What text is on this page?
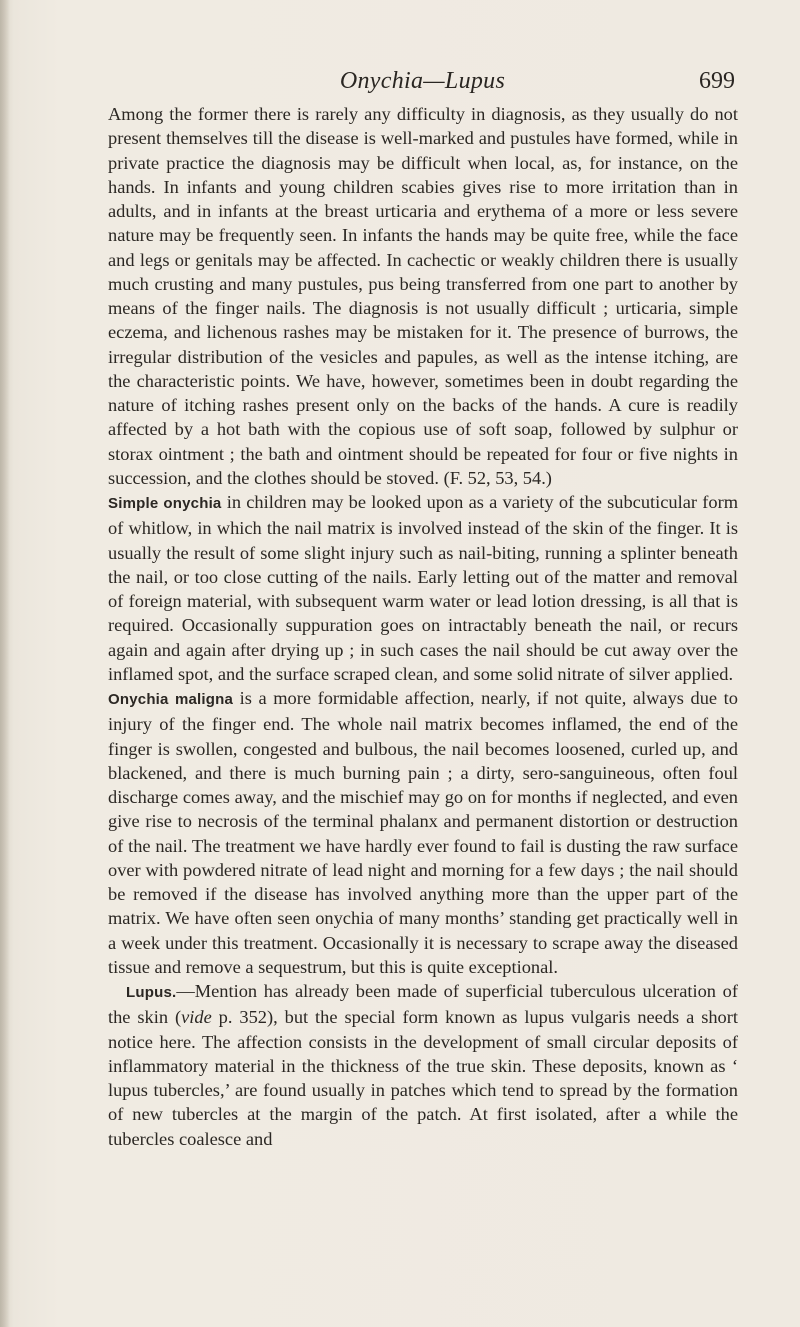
Onychia—Lupus	699

Among the former there is rarely any difficulty in diagnosis, as they usually do not present themselves till the disease is well-marked and pustules have formed, while in private practice the diagnosis may be difficult when local, as, for instance, on the hands. In infants and young children scabies gives rise to more irritation than in adults, and in infants at the breast urticaria and erythema of a more or less severe nature may be frequently seen. In infants the hands may be quite free, while the face and legs or genitals may be affected. In cachectic or weakly children there is usually much crusting and many pustules, pus being transferred from one part to another by means of the finger nails. The diagnosis is not usually difficult ; urticaria, simple eczema, and lichenous rashes may be mistaken for it. The presence of burrows, the irregular distribution of the vesicles and papules, as well as the intense itching, are the characteristic points. We have, however, sometimes been in doubt regarding the nature of itching rashes present only on the backs of the hands. A cure is readily affected by a hot bath with the copious use of soft soap, followed by sulphur or storax ointment ; the bath and ointment should be repeated for four or five nights in succession, and the clothes should be stoved. (F. 52, 53, 54.)

Simple onychia in children may be looked upon as a variety of the subcuticular form of whitlow, in which the nail matrix is involved instead of the skin of the finger. It is usually the result of some slight injury such as nail-biting, running a splinter beneath the nail, or too close cutting of the nails. Early letting out of the matter and removal of foreign material, with subsequent warm water or lead lotion dressing, is all that is required. Occasionally suppuration goes on intractably beneath the nail, or recurs again and again after drying up ; in such cases the nail should be cut away over the inflamed spot, and the surface scraped clean, and some solid nitrate of silver applied.

Onychia maligna is a more formidable affection, nearly, if not quite, always due to injury of the finger end. The whole nail matrix becomes inflamed, the end of the finger is swollen, congested and bulbous, the nail becomes loosened, curled up, and blackened, and there is much burning pain ; a dirty, sero-sanguineous, often foul discharge comes away, and the mischief may go on for months if neglected, and even give rise to necrosis of the terminal phalanx and permanent distortion or destruction of the nail. The treatment we have hardly ever found to fail is dusting the raw surface over with powdered nitrate of lead night and morning for a few days ; the nail should be removed if the disease has involved anything more than the upper part of the matrix. We have often seen onychia of many months’ standing get practically well in a week under this treatment. Occasionally it is necessary to scrape away the diseased tissue and remove a sequestrum, but this is quite exceptional.

Lupus.—Mention has already been made of superficial tuberculous ulceration of the skin (vide p. 352), but the special form known as lupus vulgaris needs a short notice here. The affection consists in the development of small circular deposits of inflammatory material in the thickness of the true skin. These deposits, known as ‘ lupus tubercles,’ are found usually in patches which tend to spread by the formation of new tubercles at the margin of the patch. At first isolated, after a while the tubercles coalesce and
